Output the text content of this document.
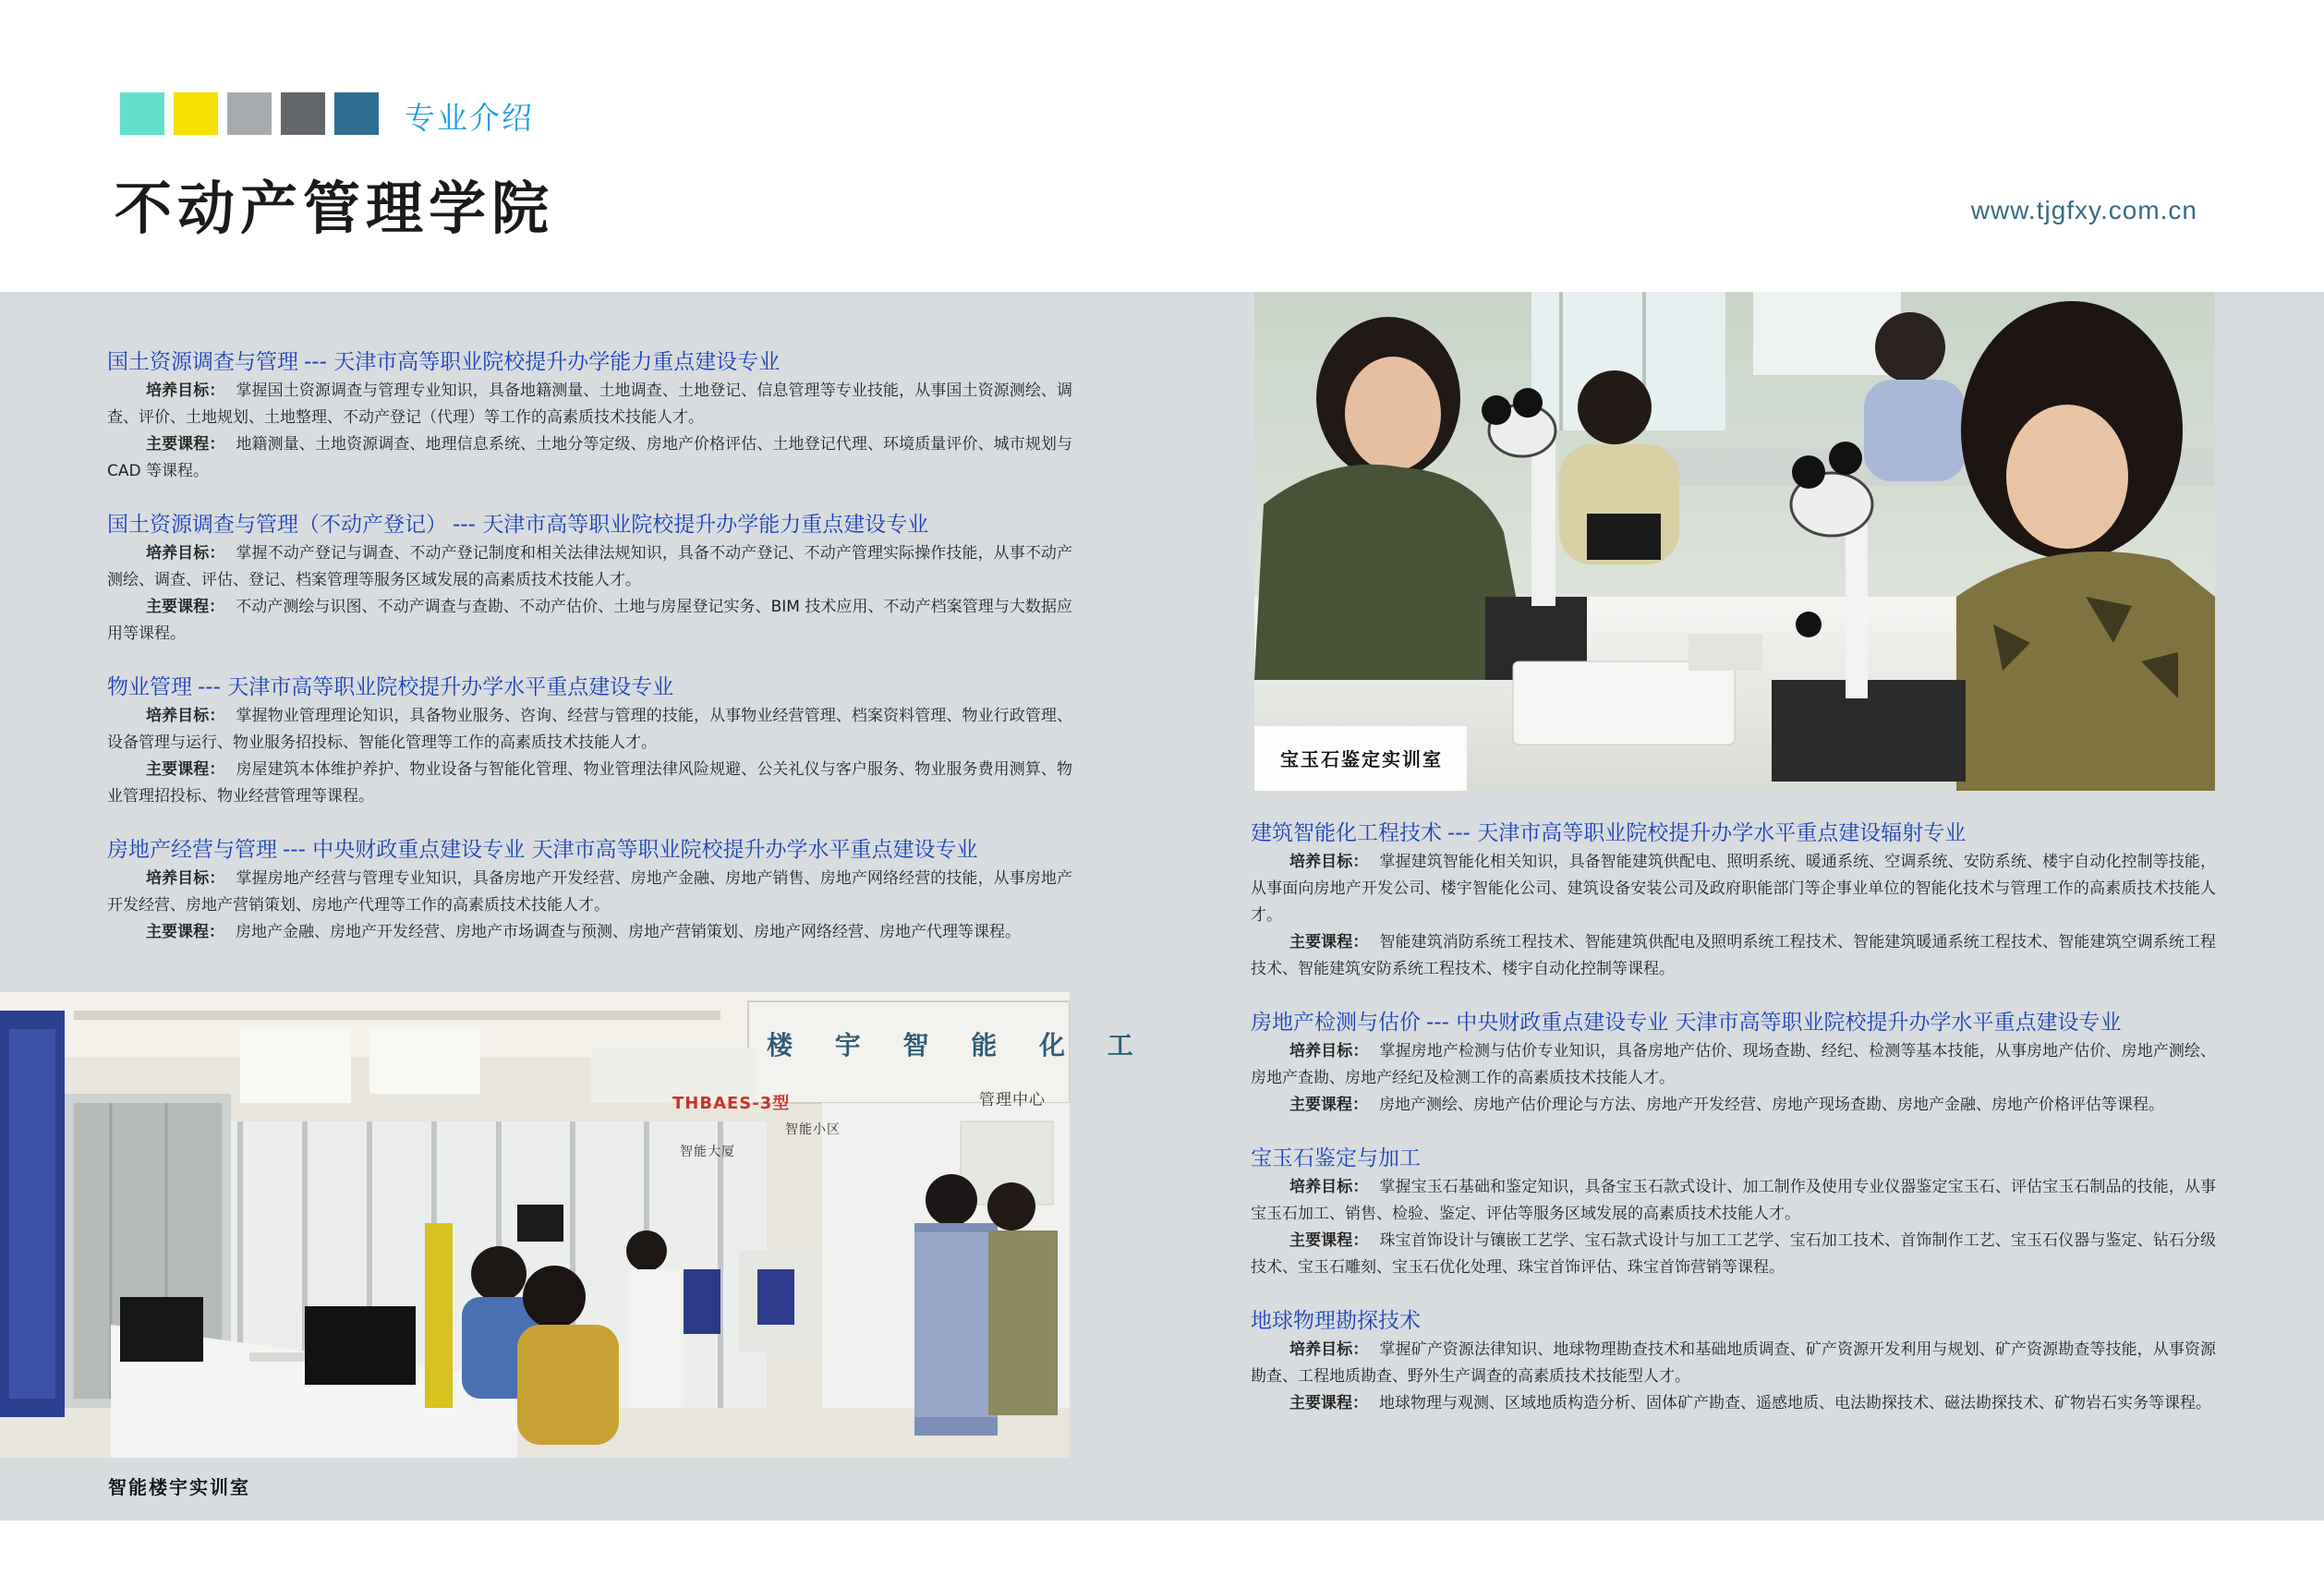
专业介绍
不动产管理学院	www.tjgfxy.com.cn
国土资源调查与管理 --- 天津市高等职业院校提升办学能力重点建设专业

培养目标： 掌握国土资源调查与管理专业知识，具备地籍测量、土地调查、土地登记、信息管理等专业技能，从事国土资源测绘、调查、评价、土地规划、土地整理、不动产登记（代理）等工作的高素质技术技能人才。

主要课程： 地籍测量、土地资源调查、地理信息系统、土地分等定级、房地产价格评估、土地登记代理、环境质量评价、城市规划与 CAD 等课程。

国土资源调查与管理（不动产登记） --- 天津市高等职业院校提升办学能力重点建设专业

培养目标： 掌握不动产登记与调查、不动产登记制度和相关法律法规知识，具备不动产登记、不动产管理实际操作技能，从事不动产测绘、调查、评估、登记、档案管理等服务区域发展的高素质技术技能人才。

主要课程： 不动产测绘与识图、不动产调查与查勘、不动产估价、土地与房屋登记实务、BIM 技术应用、不动产档案管理与大数据应用等课程。

物业管理 --- 天津市高等职业院校提升办学水平重点建设专业

培养目标： 掌握物业管理理论知识，具备物业服务、咨询、经营与管理的技能，从事物业经营管理、档案资料管理、物业行政管理、设备管理与运行、物业服务招投标、智能化管理等工作的高素质技术技能人才。

主要课程： 房屋建筑本体维护养护、物业设备与智能化管理、物业管理法律风险规避、公关礼仪与客户服务、物业服务费用测算、物业管理招投标、物业经营管理等课程。

房地产经营与管理 --- 中央财政重点建设专业 天津市高等职业院校提升办学水平重点建设专业

培养目标： 掌握房地产经营与管理专业知识，具备房地产开发经营、房地产金融、房地产销售、房地产网络经营的技能，从事房地产开发经营、房地产营销策划、房地产代理等工作的高素质技术技能人才。

主要课程： 房地产金融、房地产开发经营、房地产市场调查与预测、房地产营销策划、房地产网络经营、房地产代理等课程。

建筑智能化工程技术 --- 天津市高等职业院校提升办学水平重点建设辐射专业

培养目标： 掌握建筑智能化相关知识，具备智能建筑供配电、照明系统、暖通系统、空调系统、安防系统、楼宇自动化控制等技能，从事面向房地产开发公司、楼宇智能化公司、建筑设备安装公司及政府职能部门等企事业单位的智能化技术与管理工作的高素质技术技能人才。

主要课程： 智能建筑消防系统工程技术、智能建筑供配电及照明系统工程技术、智能建筑暖通系统工程技术、智能建筑空调系统工程技术、智能建筑安防系统工程技术、楼宇自动化控制等课程。

房地产检测与估价 --- 中央财政重点建设专业 天津市高等职业院校提升办学水平重点建设专业

培养目标： 掌握房地产检测与估价专业知识，具备房地产估价、现场查勘、经纪、检测等基本技能，从事房地产估价、房地产测绘、房地产查勘、房地产经纪及检测工作的高素质技术技能人才。

主要课程： 房地产测绘、房地产估价理论与方法、房地产开发经营、房地产现场查勘、房地产金融、房地产价格评估等课程。

宝玉石鉴定与加工

培养目标： 掌握宝玉石基础和鉴定知识，具备宝玉石款式设计、加工制作及使用专业仪器鉴定宝玉石、评估宝玉石制品的技能，从事宝玉石加工、销售、检验、鉴定、评估等服务区域发展的高素质技术技能人才。

主要课程： 珠宝首饰设计与镶嵌工艺学、宝石款式设计与加工工艺学、宝石加工技术、首饰制作工艺、宝玉石仪器与鉴定、钻石分级技术、宝玉石雕刻、宝玉石优化处理、珠宝首饰评估、珠宝首饰营销等课程。

地球物理勘探技术

培养目标： 掌握矿产资源法律知识、地球物理勘查技术和基础地质调查、矿产资源开发利用与规划、矿产资源勘查等技能，从事资源勘查、工程地质勘查、野外生产调查的高素质技术技能型人才。

主要课程： 地球物理与观测、区域地质构造分析、固体矿产勘查、遥感地质、电法勘探技术、磁法勘探技术、矿物岩石实务等课程。

宝玉石鉴定实训室
楼 宇 智 能 化 工
THBAES-3型	管理中心
智能小区
智能大厦
智能楼宇实训室
